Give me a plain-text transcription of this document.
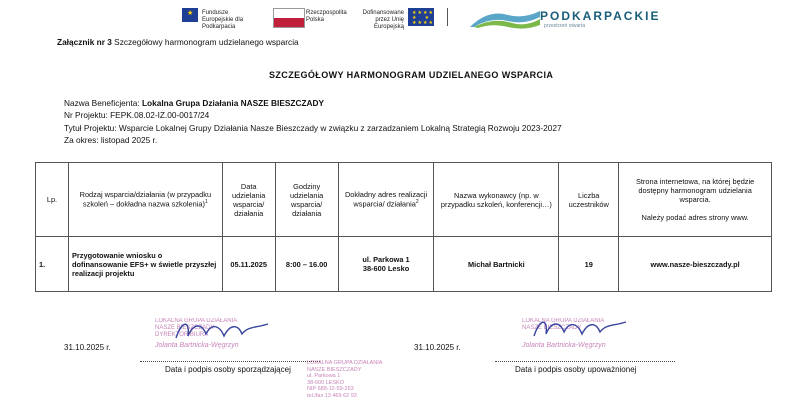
★ Fundusze Europejskie dla Podkarpacia
Rzeczpospolita Polska
Dofinansowane przez Unię Europejską
★★★★
★   ★
★★★★	PODKARPACKIE
przestrzeń otwarta
Załącznik nr 3 Szczegółowy harmonogram udzielanego wsparcia
SZCZEGÓŁOWY HARMONOGRAM UDZIELANEGO WSPARCIA
Nazwa Beneficjenta: Lokalna Grupa Działania NASZE BIESZCZADY
Nr Projektu: FEPK.08.02-IZ.00-0017/24
Tytuł Projektu: Wsparcie Lokalnej Grupy Działania Nasze Bieszczady w związku z zarzadzaniem Lokalną Strategią Rozwoju 2023-2027
Za okres: listopad 2025 r.
Lp.	Rodzaj wsparcia/działania (w przypadku szkoleń – dokładna nazwa szkolenia)$^1$	Data udzielania wsparcia/ działania	Godziny udzielania wsparcia/ działania	Dokładny adres realizacji wsparcia/ działania$^2$	Nazwa wykonawcy (np. w przypadku szkoleń, konferencji…)	Liczba uczestników	Strona internetowa, na której będzie dostępny harmonogram udzielania wsparcia.
Należy podać adres strony www.

1.	Przygotowanie wniosku o dofinansowanie EFS+ w świetle przyszłej realizacji projektu	05.11.2025	8:00 – 16.00	ul. Parkowa 1
38-600 Lesko	Michał Bartnicki	19	www.nasze-bieszczady.pl
LOKALNA GRUPA DZIAŁANIA
NASZE BIESZCZADY
DYREKTOR BIURA
Jolanta Bartnicka-Węgrzyn
31.10.2025 r.
Data i podpis osoby sporządzającej
LOKALNA GRUPA DZIAŁANIA
NASZE BIESZCZADY
ul. Parkowa 1
38-600 LESKO
NIP 688-12-59-263
tel./fax 13 469 62 93
LOKALNA GRUPA DZIAŁANIA
NASZE BIESZCZADY
Jolanta Bartnicka-Węgrzyn
31.10.2025 r.
Data i podpis osoby upoważnionej
